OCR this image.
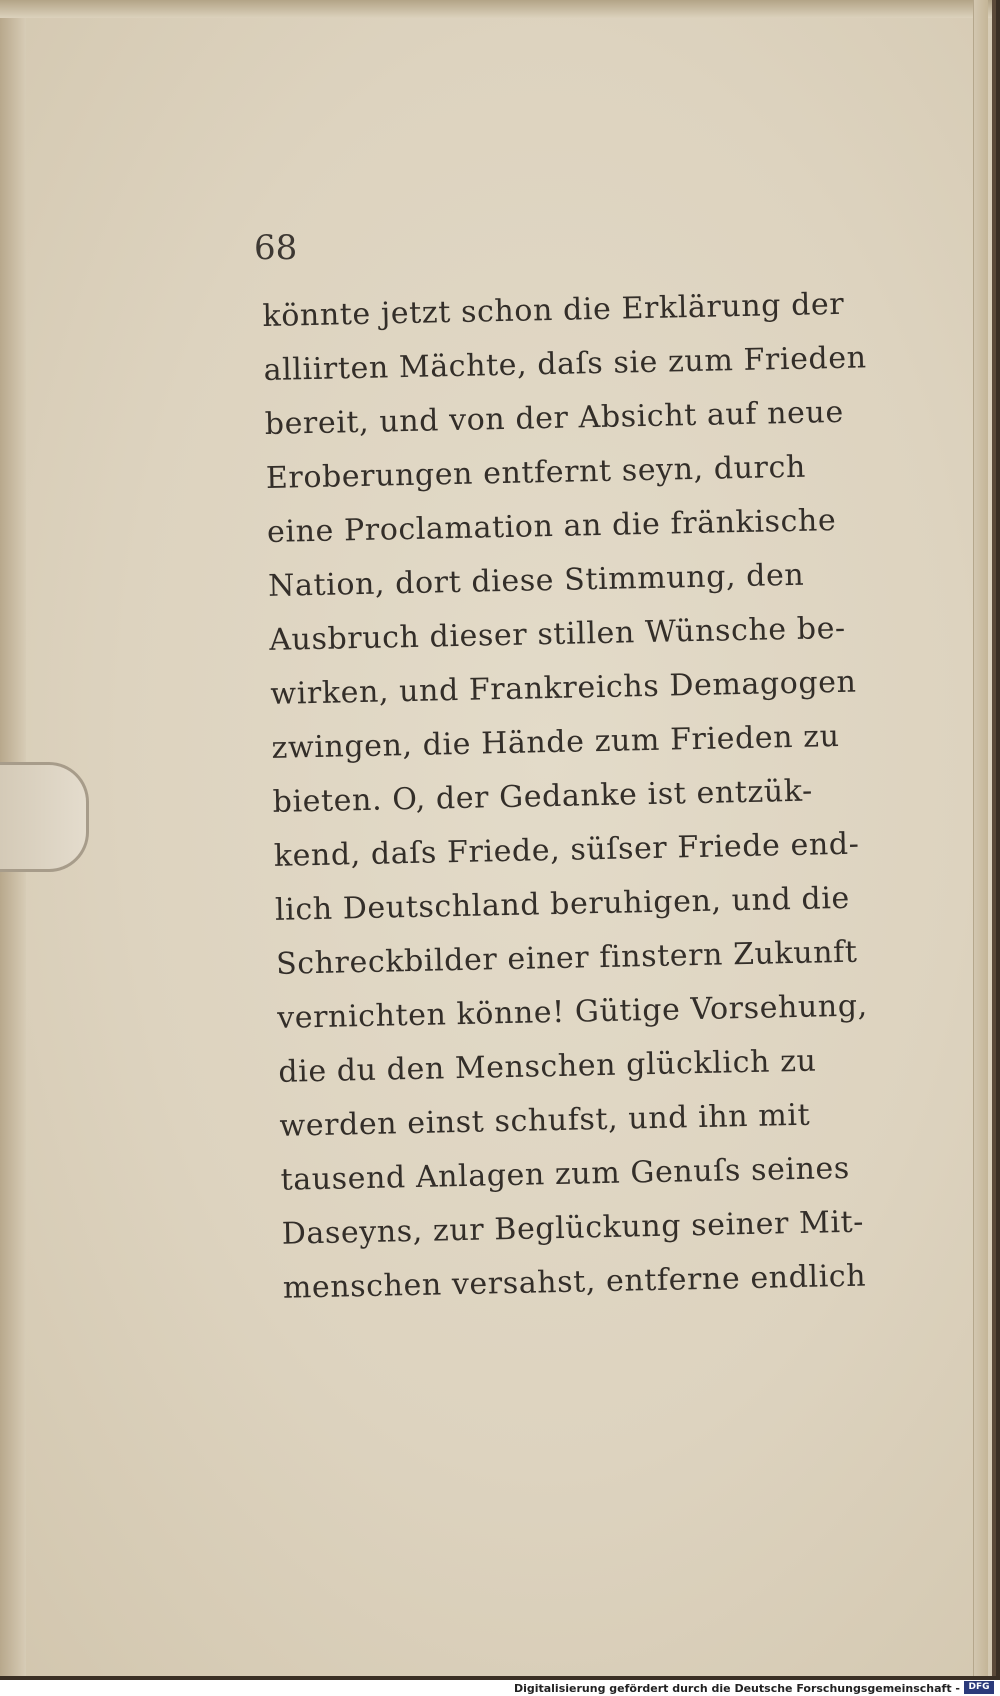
68
könnte jetzt schon die Erklärung der
alliirten Mächte, daſs sie zum Frieden
bereit, und von der Absicht auf neue
Eroberungen entfernt seyn, durch
eine Proclamation an die fränkische
Nation, dort diese Stimmung, den
Ausbruch dieser stillen Wünsche be-
wirken, und Frankreichs Demagogen
zwingen, die Hände zum Frieden zu
bieten. O, der Gedanke ist entzük-
kend, daſs Friede, süſser Friede end-
lich Deutschland beruhigen, und die
Schreckbilder einer finstern Zukunft
vernichten könne! Gütige Vorsehung,
die du den Menschen glücklich zu
werden einst schufst, und ihn mit
tausend Anlagen zum Genuſs seines
Daseyns, zur Beglückung seiner Mit-
menschen versahst, entferne endlich
Digitalisierung gefördert durch die Deutsche Forschungsgemeinschaft - DFG
